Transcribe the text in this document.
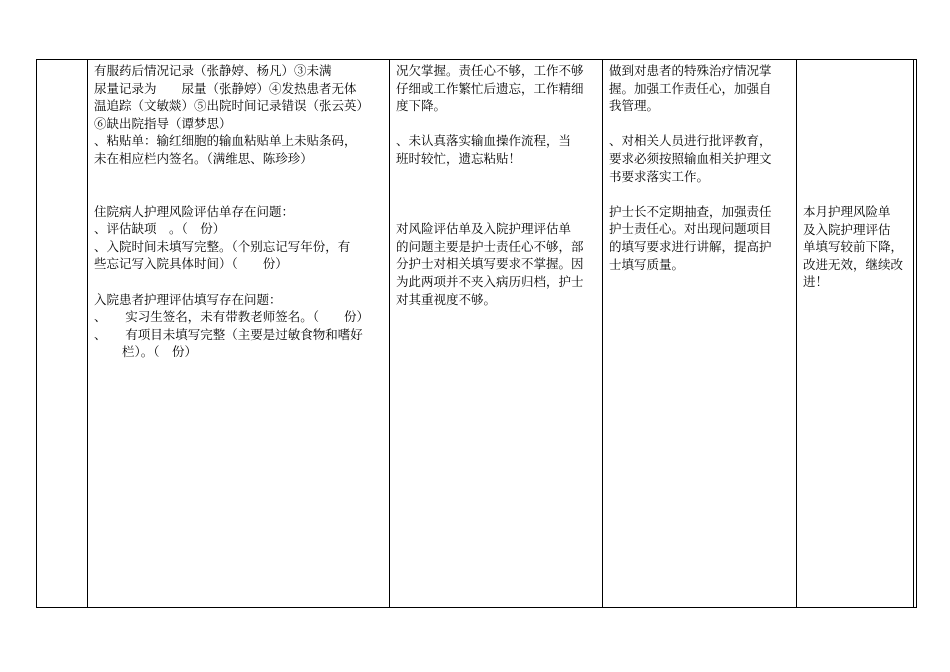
有服药后情况记录（张静婷、杨凡）③未满

尿量记录为　　尿量（张静婷）④发热患者无体

温追踪（文敏燚）⑤出院时间记录错误（张云英）

⑥缺出院指导（谭梦思）

、粘贴单：输红细胞的输血粘贴单上未贴条码，

未在相应栏内签名。（满维思、陈珍珍）

住院病人护理风险评估单存在问题：

、评估缺项　。（　份）

、入院时间未填写完整。（个别忘记写年份，有

些忘记写入院具体时间）（　　份）

入院患者护理评估填写存在问题：

、　　实习生签名，未有带教老师签名。（　　份）

、　　有项目未填写完整（主要是过敏食物和嗜好

栏）。（　份）

况欠掌握。责任心不够，工作不够

仔细或工作繁忙后遗忘，工作精细

度下降。

、未认真落实输血操作流程，当

班时较忙，遗忘粘贴！

对风险评估单及入院护理评估单

的问题主要是护士责任心不够，部

分护士对相关填写要求不掌握。因

为此两项并不夹入病历归档，护士

对其重视度不够。

做到对患者的特殊治疗情况掌

握。加强工作责任心，加强自

我管理。

、对相关人员进行批评教育，

要求必须按照输血相关护理文

书要求落实工作。

护士长不定期抽查，加强责任

护士责任心。对出现问题项目

的填写要求进行讲解，提高护

士填写质量。

本月护理风险单

及入院护理评估

单填写较前下降，

改进无效，继续改

进！
